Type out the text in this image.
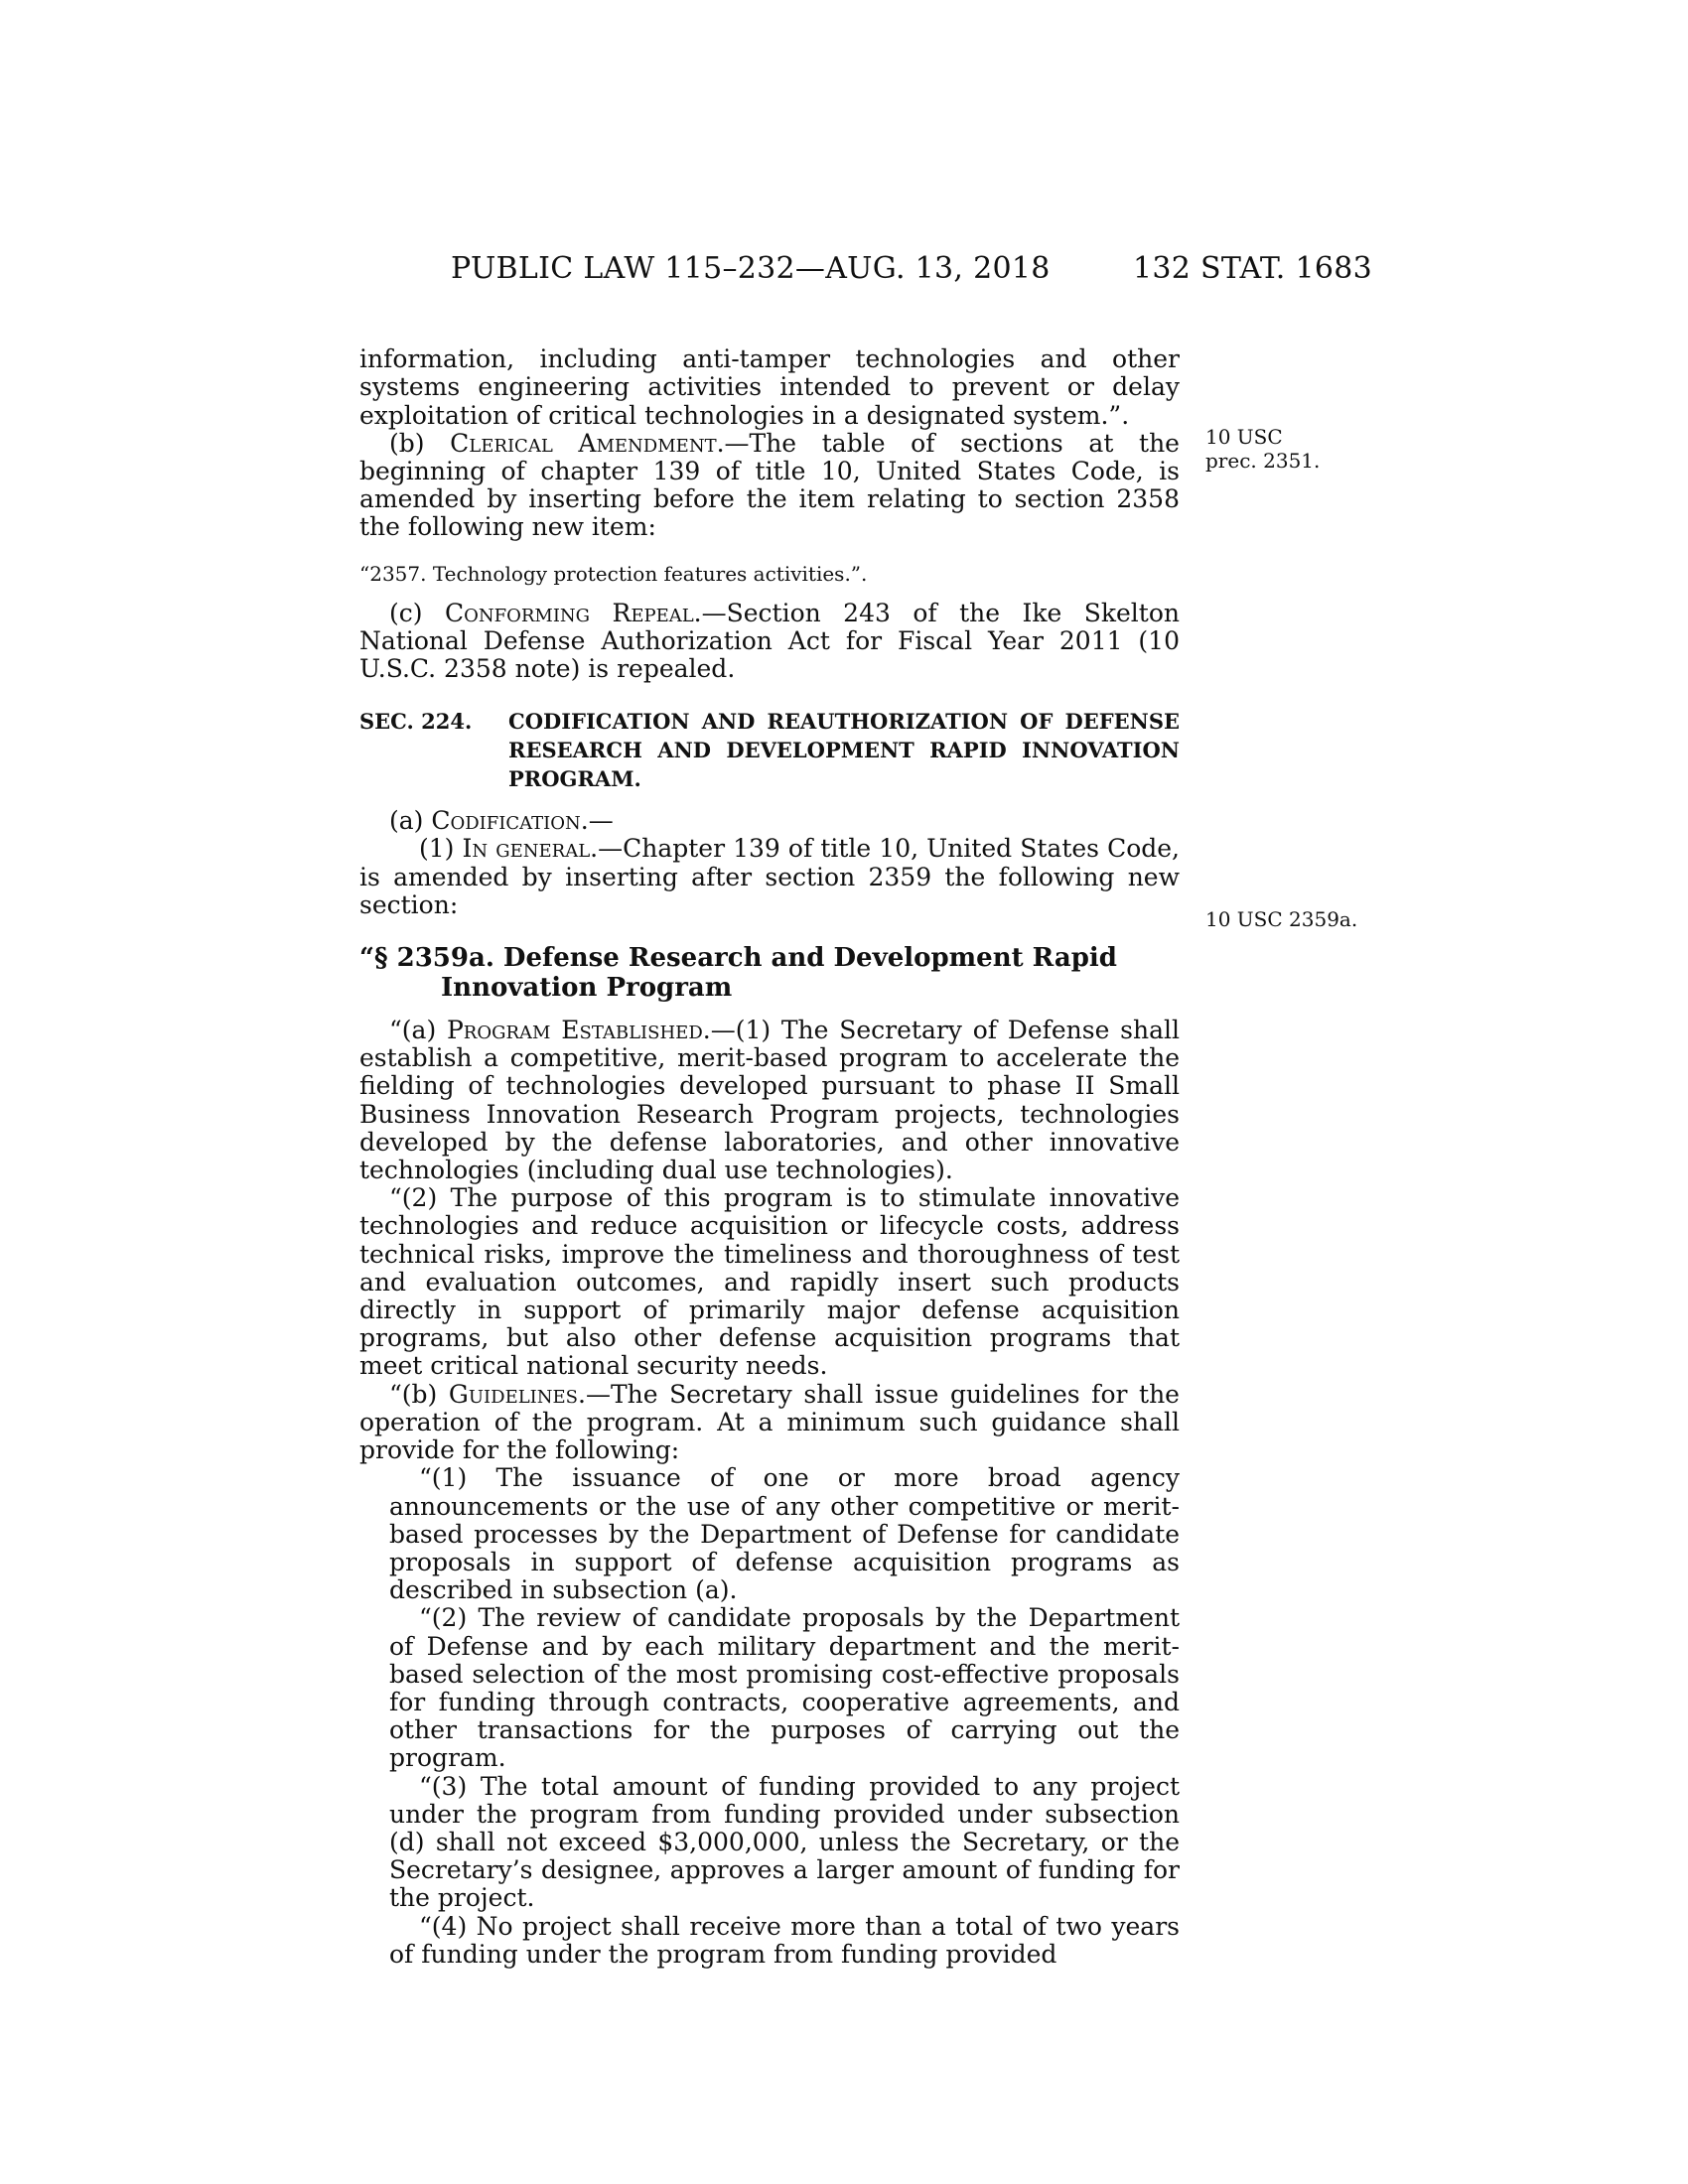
PUBLIC LAW 115–232—AUG. 13, 2018	132 STAT. 1683
10 USC
prec. 2351.
10 USC 2359a.

information, including anti-tamper technologies and other systems engineering activities intended to prevent or delay exploitation of critical technologies in a designated system.”.

(b) Clerical Amendment.—The table of sections at the beginning of chapter 139 of title 10, United States Code, is amended by inserting before the item relating to section 2358 the following new item:

“2357. Technology protection features activities.”.

(c) Conforming Repeal.—Section 243 of the Ike Skelton National Defense Authorization Act for Fiscal Year 2011 (10 U.S.C. 2358 note) is repealed.

SEC. 224. CODIFICATION AND REAUTHORIZATION OF DEFENSE RESEARCH AND DEVELOPMENT RAPID INNOVATION PROGRAM.

(a) Codification.—

(1) In general.—Chapter 139 of title 10, United States Code, is amended by inserting after section 2359 the following new section:

“§ 2359a. Defense Research and Development Rapid Innovation Program

“(a) Program Established.—(1) The Secretary of Defense shall establish a competitive, merit-based program to accelerate the fielding of technologies developed pursuant to phase II Small Business Innovation Research Program projects, technologies developed by the defense laboratories, and other innovative technologies (including dual use technologies).

“(2) The purpose of this program is to stimulate innovative technologies and reduce acquisition or lifecycle costs, address technical risks, improve the timeliness and thoroughness of test and evaluation outcomes, and rapidly insert such products directly in support of primarily major defense acquisition programs, but also other defense acquisition programs that meet critical national security needs.

“(b) Guidelines.—The Secretary shall issue guidelines for the operation of the program. At a minimum such guidance shall provide for the following:

“(1) The issuance of one or more broad agency announcements or the use of any other competitive or merit-based processes by the Department of Defense for candidate proposals in support of defense acquisition programs as described in subsection (a).

“(2) The review of candidate proposals by the Department of Defense and by each military department and the merit-based selection of the most promising cost-effective proposals for funding through contracts, cooperative agreements, and other transactions for the purposes of carrying out the program.

“(3) The total amount of funding provided to any project under the program from funding provided under subsection (d) shall not exceed $3,000,000, unless the Secretary, or the Secretary’s designee, approves a larger amount of funding for the project.

“(4) No project shall receive more than a total of two years of funding under the program from funding provided
